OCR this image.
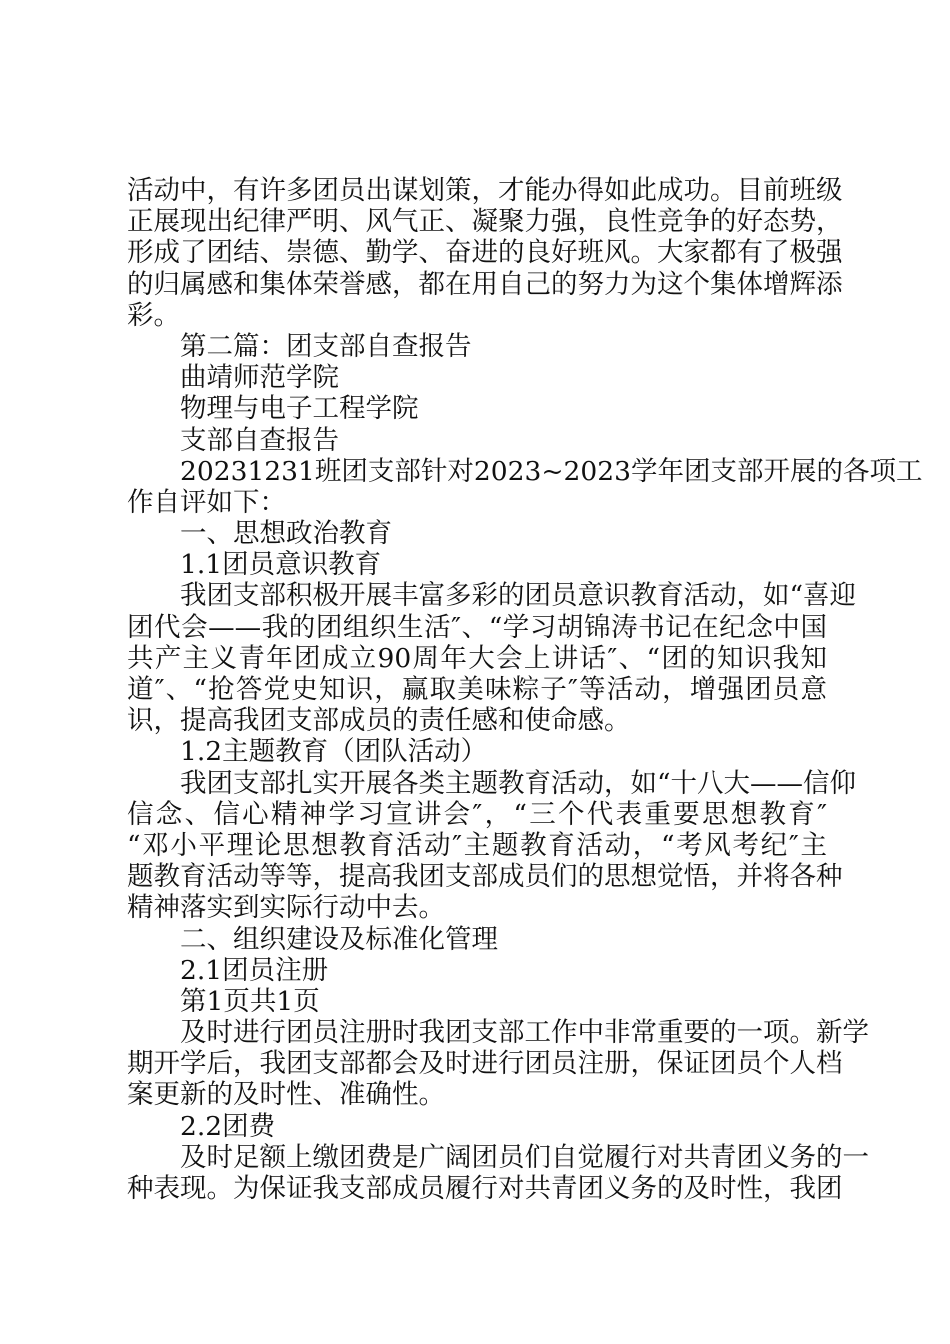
活动中，有许多团员出谋划策，才能办得如此成功。目前班级
正展现出纪律严明、风气正、凝聚力强，良性竞争的好态势，
形成了团结、崇德、勤学、奋进的良好班风。大家都有了极强
的归属感和集体荣誉感，都在用自己的努力为这个集体增辉添
彩。
第二篇：团支部自查报告
曲靖师范学院
物理与电子工程学院
支部自查报告
20231231班团支部针对2023~2023学年团支部开展的各项工
作自评如下：
一、思想政治教育
1.1团员意识教育
我团支部积极开展丰富多彩的团员意识教育活动，如“喜迎
团代会——我的团组织生活″、“学习胡锦涛书记在纪念中国
共产主义青年团成立90周年大会上讲话″、“团的知识我知
道″、“抢答党史知识，赢取美味粽子″等活动，增强团员意
识，提高我团支部成员的责任感和使命感。
1.2主题教育（团队活动）
我团支部扎实开展各类主题教育活动，如“十八大——信仰
信念、信心精神学习宣讲会″，“三个代表重要思想教育″
“邓小平理论思想教育活动″主题教育活动，“考风考纪″主
题教育活动等等，提高我团支部成员们的思想觉悟，并将各种
精神落实到实际行动中去。
二、组织建设及标准化管理
2.1团员注册
第1页共1页
及时进行团员注册时我团支部工作中非常重要的一项。新学
期开学后，我团支部都会及时进行团员注册，保证团员个人档
案更新的及时性、准确性。
2.2团费
及时足额上缴团费是广阔团员们自觉履行对共青团义务的一
种表现。为保证我支部成员履行对共青团义务的及时性，我团
